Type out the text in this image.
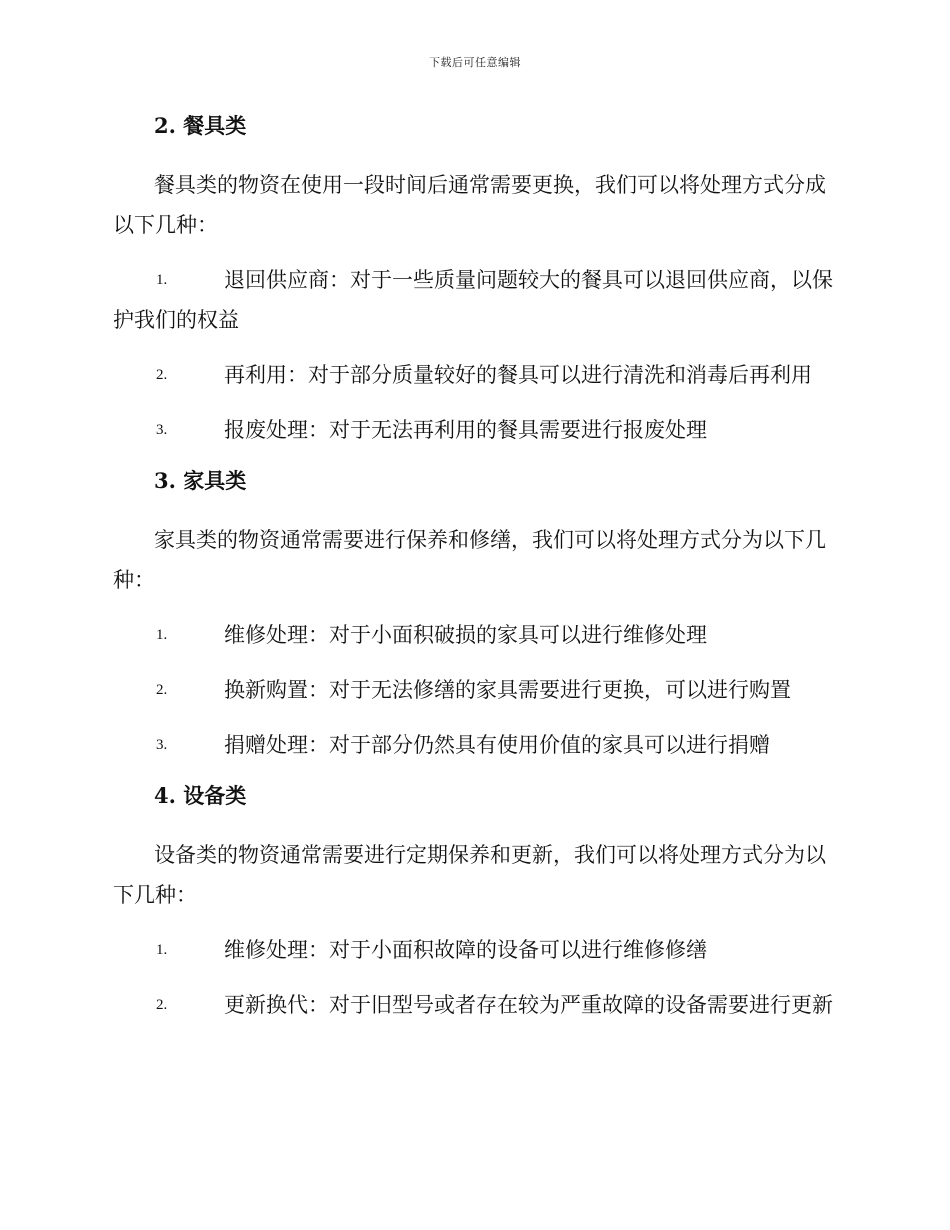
下载后可任意编辑
2. 餐具类

餐具类的物资在使用一段时间后通常需要更换，我们可以将处理方式分成以下几种：

1.	退回供应商：对于一些质量问题较大的餐具可以退回供应商，以保护我们的权益
2.	再利用：对于部分质量较好的餐具可以进行清洗和消毒后再利用
3.	报废处理：对于无法再利用的餐具需要进行报废处理
3. 家具类

家具类的物资通常需要进行保养和修缮，我们可以将处理方式分为以下几种：

1.	维修处理：对于小面积破损的家具可以进行维修处理
2.	换新购置：对于无法修缮的家具需要进行更换，可以进行购置
3.	捐赠处理：对于部分仍然具有使用价值的家具可以进行捐赠
4. 设备类

设备类的物资通常需要进行定期保养和更新，我们可以将处理方式分为以下几种：

1.	维修处理：对于小面积故障的设备可以进行维修修缮
2.	更新换代：对于旧型号或者存在较为严重故障的设备需要进行更新
